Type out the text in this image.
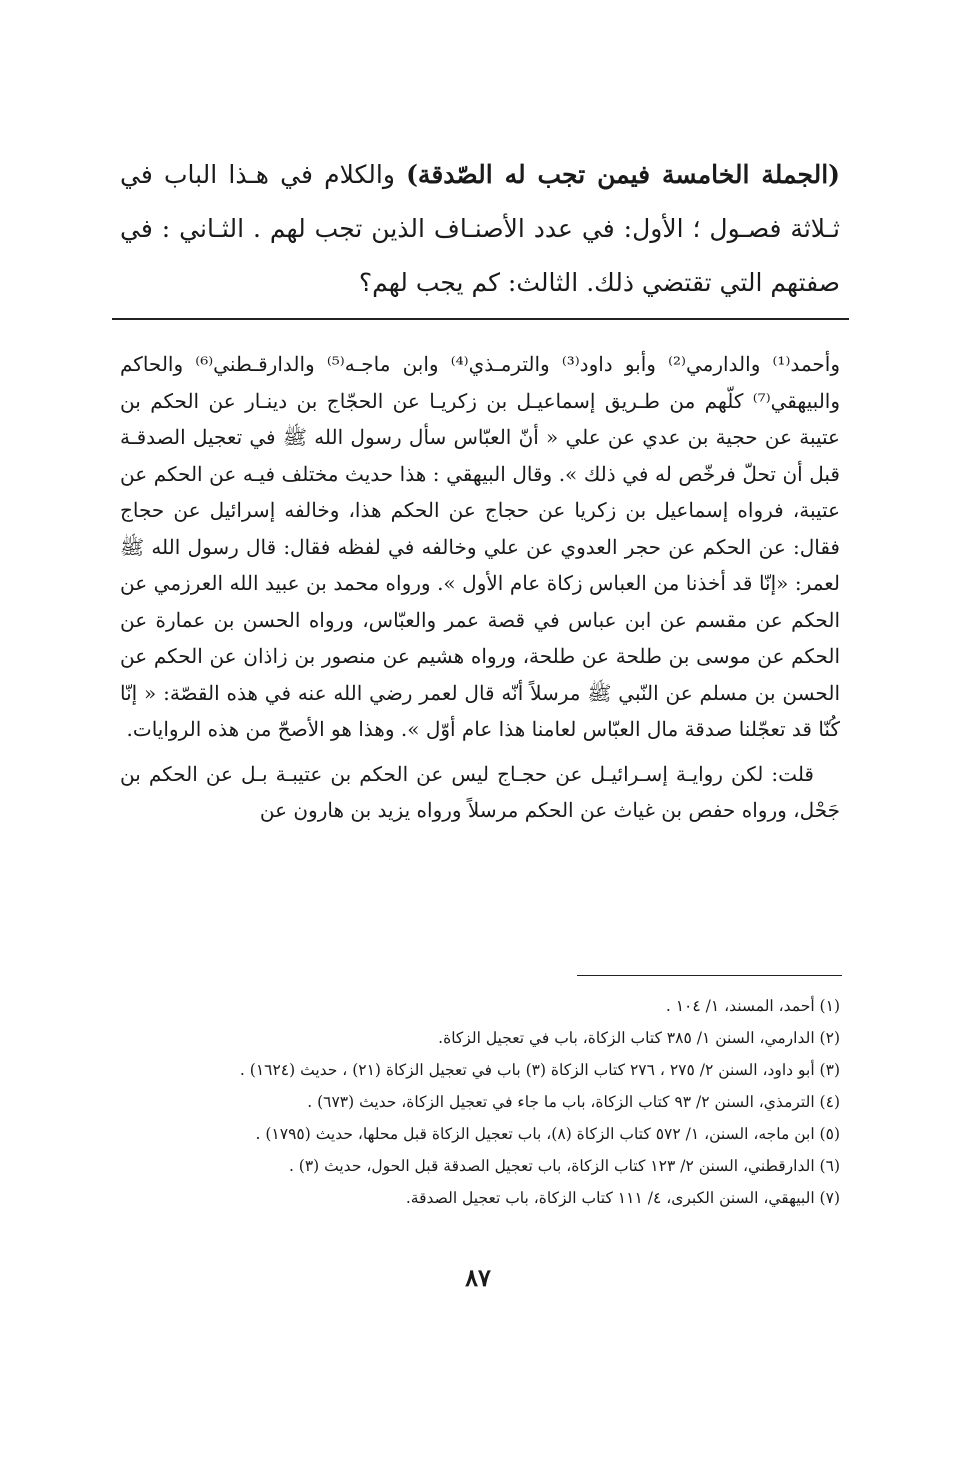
(الجملة الخامسة فيمن تجب له الصّدقة) والكلام في هـذا الباب في ثـلاثة فصـول ؛ الأول: في عدد الأصنـاف الذين تجب لهم . الثـاني : في صفتهم التي تقتضي ذلك. الثالث: كم يجب لهم؟

وأحمد⁽¹⁾ والدارمي⁽²⁾ وأبو داود⁽³⁾ والترمـذي⁽⁴⁾ وابن ماجـه⁽⁵⁾ والدارقـطني⁽⁶⁾ والحاكم والبيهقي⁽⁷⁾ كلّهم من طـريق إسماعيـل بن زكريـا عن الحجّاج بن دينـار عن الحكم بن عتيبة عن حجية بن عدي عن علي « أنّ العبّاس سأل رسول الله ﷺ في تعجيل الصدقـة قبل أن تحلّ فرخّص له في ذلك ». وقال البيهقي : هذا حديث مختلف فيـه عن الحكم عن عتيبة، فرواه إسماعيل بن زكريا عن حجاج عن الحكم هذا، وخالفه إسرائيل عن حجاج فقال: عن الحكم عن حجر العدوي عن علي وخالفه في لفظه فقال: قال رسول الله ﷺ لعمر: «إنّا قد أخذنا من العباس زكاة عام الأول ». ورواه محمد بن عبيد الله العرزمي عن الحكم عن مقسم عن ابن عباس في قصة عمر والعبّاس، ورواه الحسن بن عمارة عن الحكم عن موسى بن طلحة عن طلحة، ورواه هشيم عن منصور بن زاذان عن الحكم عن الحسن بن مسلم عن النّبي ﷺ مرسلاً أنّه قال لعمر رضي الله عنه في هذه القصّة: « إنّا كُنّا قد تعجّلنا صدقة مال العبّاس لعامنا هذا عام أوّل ». وهذا هو الأصحّ من هذه الروايات.

قلت: لكن روايـة إسـرائيـل عن حجـاج ليس عن الحكم بن عتيبـة بـل عن الحكم بن جَحْل، ورواه حفص بن غياث عن الحكم مرسلاً ورواه يزيد بن هارون عن

(١) أحمد، المسند، ١/ ١٠٤ .

(٢) الدارمي، السنن ١/ ٣٨٥ كتاب الزكاة، باب في تعجيل الزكاة.

(٣) أبو داود، السنن ٢/ ٢٧٥ ، ٢٧٦ كتاب الزكاة (٣) باب في تعجيل الزكاة (٢١) ، حديث (١٦٢٤) .

(٤) الترمذي، السنن ٢/ ٩٣ كتاب الزكاة، باب ما جاء في تعجيل الزكاة، حديث (٦٧٣) .

(٥) ابن ماجه، السنن، ١/ ٥٧٢ كتاب الزكاة (٨)، باب تعجيل الزكاة قبل محلها، حديث (١٧٩٥) .

(٦) الدارقطني، السنن ٢/ ١٢٣ كتاب الزكاة، باب تعجيل الصدقة قبل الحول، حديث (٣) .

(٧) البيهقي، السنن الكبرى، ٤/ ١١١ كتاب الزكاة، باب تعجيل الصدقة.

٨٧
